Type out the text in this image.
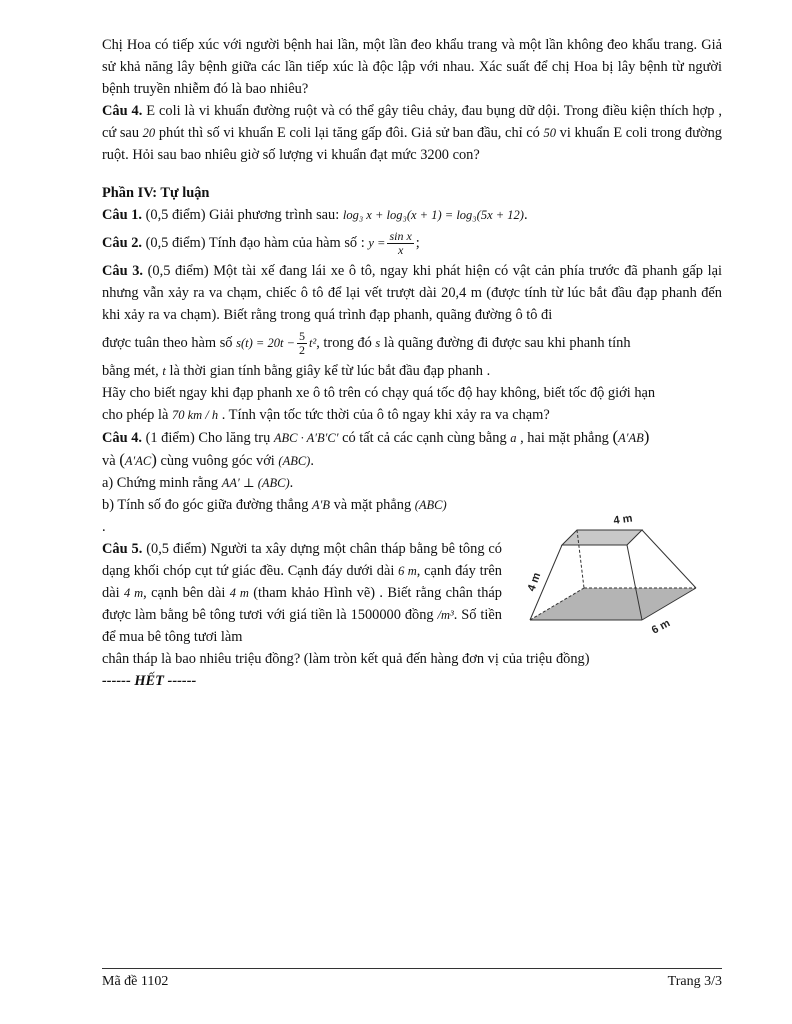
Chị Hoa có tiếp xúc với người bệnh hai lần, một lần đeo khẩu trang và một lần không đeo khẩu trang. Giả sử khả năng lây bệnh giữa các lần tiếp xúc là độc lập với nhau. Xác suất để chị Hoa bị lây bệnh từ người bệnh truyền nhiễm đó là bao nhiêu?

Câu 4. E coli là vi khuẩn đường ruột và có thể gây tiêu chảy, đau bụng dữ dội. Trong điều kiện thích hợp , cứ sau 20 phút thì số vi khuẩn E coli lại tăng gấp đôi. Giả sử ban đầu, chỉ có 50 vi khuẩn E coli trong đường ruột. Hỏi sau bao nhiêu giờ số lượng vi khuẩn đạt mức 3200 con?

Phần IV: Tự luận

Câu 1. (0,5 điểm) Giải phương trình sau: log₃ x + log₃(x + 1) = log₃(5x + 12).

Câu 2. (0,5 điểm) Tính đạo hàm của hàm số : $y = \frac{\text{sin x}}{x}$ ;

Câu 3. (0,5 điểm) Một tài xế đang lái xe ô tô, ngay khi phát hiện có vật cản phía trước đã phanh gấp lại nhưng vẫn xảy ra va chạm, chiếc ô tô để lại vết trượt dài 20,4 m (được tính từ lúc bắt đầu đạp phanh đến khi xảy ra va chạm). Biết rằng trong quá trình đạp phanh, quãng đường ô tô đi

được tuân theo hàm số $s(t) = 20t - \frac{5}{2} t^2$, trong đó s là quãng đường đi được sau khi phanh tính

bằng mét, t là thời gian tính bằng giây kể từ lúc bắt đầu đạp phanh .

Hãy cho biết ngay khi đạp phanh xe ô tô trên có chạy quá tốc độ hay không, biết tốc độ giới hạn

cho phép là 70 km / h . Tính vận tốc tức thời của ô tô ngay khi xảy ra va chạm?

Câu 4. (1 điểm) Cho lăng trụ ABC · A′B′C′ có tất cả các cạnh cùng bằng a , hai mặt phẳng (A′AB)

và (A′AC) cùng vuông góc với (ABC).

a) Chứng minh rằng AA′ ⊥ (ABC).

b) Tính số đo góc giữa đường thẳng A′B và mặt phẳng (ABC)

.

Câu 5. (0,5 điểm) Người ta xây dựng một chân tháp bằng bê tông có dạng khối chóp cụt tứ giác đều. Cạnh đáy dưới dài 6 m, cạnh đáy trên dài 4 m, cạnh bên dài 4 m (tham khảo Hình vẽ) . Biết rằng chân tháp được làm bằng bê tông tươi với giá tiền là 1500000 đồng /m³. Số tiền để mua bê tông tươi làm

chân tháp là bao nhiêu triệu đồng? (làm tròn kết quả đến hàng đơn vị của triệu đồng)

------ HẾT ------

4 m
4 m
6 m
Mã đề 1102	Trang 3/3
